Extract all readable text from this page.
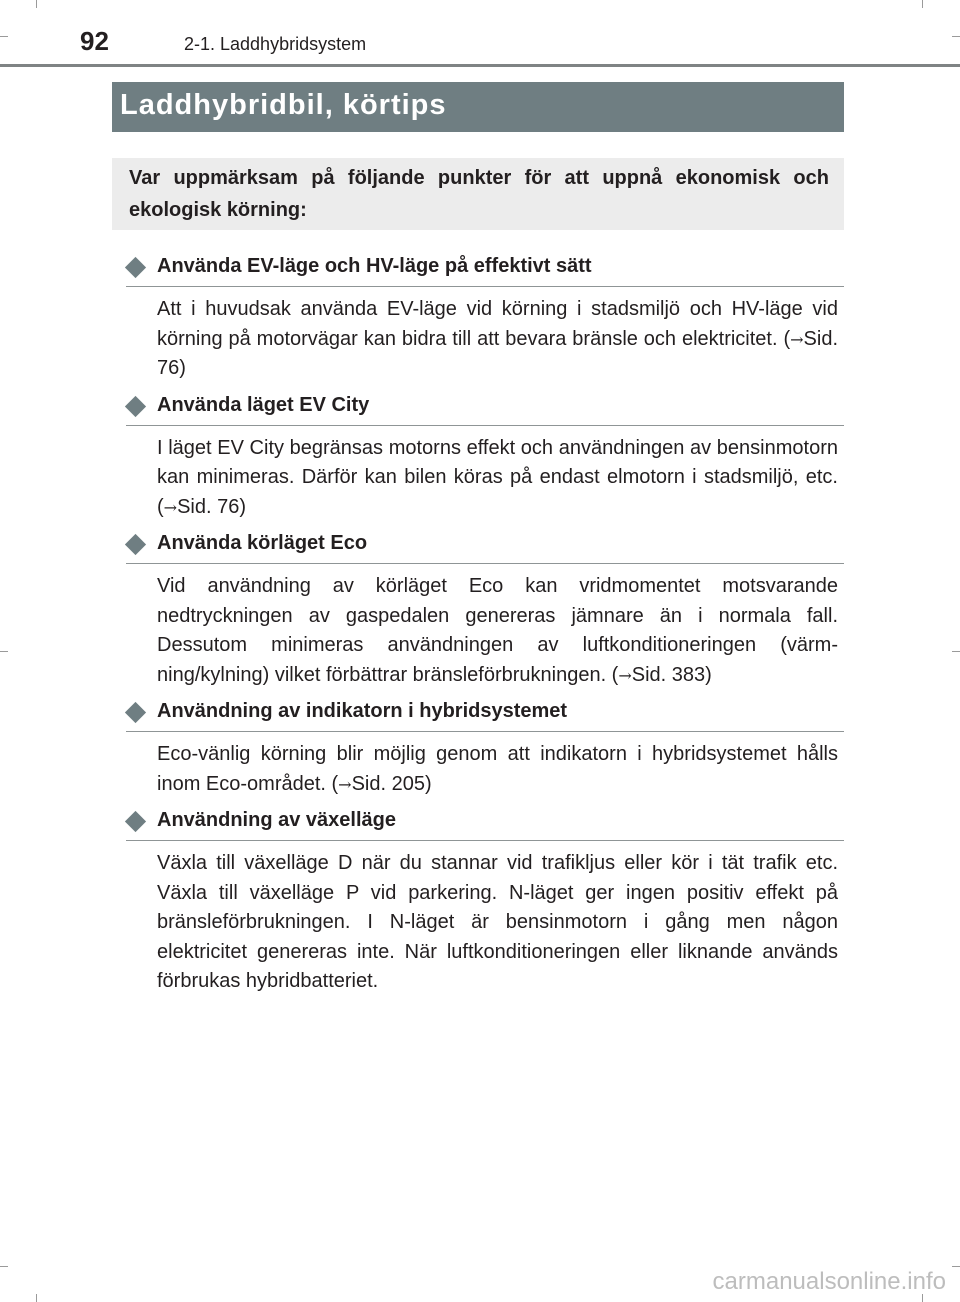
92	2-1. Laddhybridsystem
Laddhybridbil, körtips
Var uppmärksam på följande punkter för att uppnå ekonomisk och ekologisk körning:
Använda EV-läge och HV-läge på effektivt sätt
Att i huvudsak använda EV-läge vid körning i stadsmiljö och HV-läge vid körning på motorvägar kan bidra till att bevara bränsle och elektricitet. (→Sid. 76)
Använda läget EV City
I läget EV City begränsas motorns effekt och användningen av bensinmotorn kan minimeras. Därför kan bilen köras på endast elmotorn i stadsmiljö, etc. (→Sid. 76)
Använda körläget Eco
Vid användning av körläget Eco kan vridmomentet motsvarande nedtryckningen av gaspedalen genereras jämnare än i normala fall. Dessutom minimeras användningen av luftkonditioneringen (värmning/kylning) vilket förbättrar bränsleförbrukningen. (→Sid. 383)
Användning av indikatorn i hybridsystemet
Eco-vänlig körning blir möjlig genom att indikatorn i hybridsystemet hålls inom Eco-området. (→Sid. 205)
Användning av växelläge
Växla till växelläge D när du stannar vid trafikljus eller kör i tät trafik etc. Växla till växelläge P vid parkering. N-läget ger ingen positiv effekt på bränsleförbrukningen. I N-läget är bensinmotorn i gång men någon elektricitet genereras inte. När luftkonditioneringen eller liknande används förbrukas hybridbatteriet.
carmanualsonline.info
